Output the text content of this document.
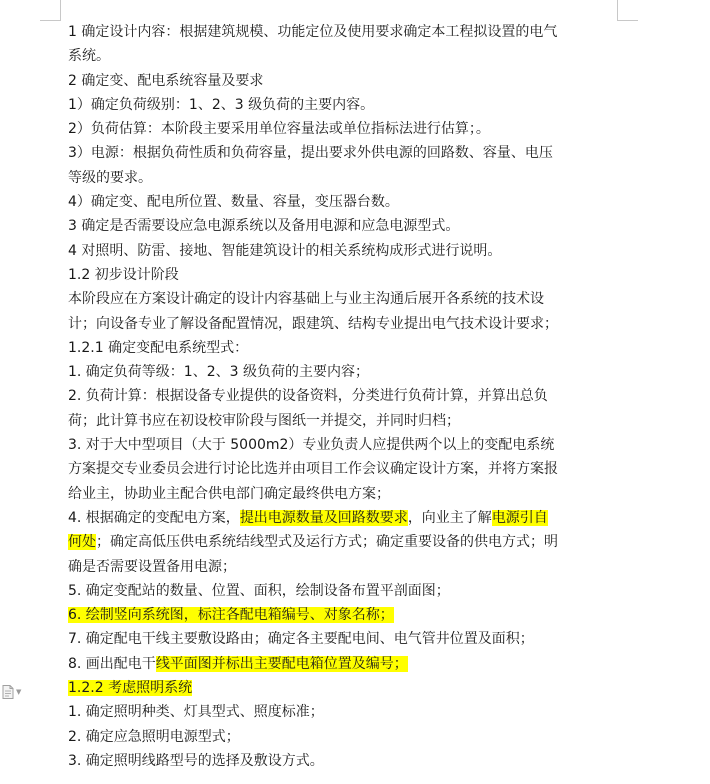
1 确定设计内容：根据建筑规模、功能定位及使用要求确定本工程拟设置的电气
系统。
2 确定变、配电系统容量及要求
1）确定负荷级别：1、2、3 级负荷的主要内容。
2）负荷估算：本阶段主要采用单位容量法或单位指标法进行估算；。
3）电源：根据负荷性质和负荷容量，提出要求外供电源的回路数、容量、电压
等级的要求。
4）确定变、配电所位置、数量、容量，变压器台数。
3 确定是否需要设应急电源系统以及备用电源和应急电源型式。
4 对照明、防雷、接地、智能建筑设计的相关系统构成形式进行说明。
1.2 初步设计阶段
本阶段应在方案设计确定的设计内容基础上与业主沟通后展开各系统的技术设
计；向设备专业了解设备配置情况，跟建筑、结构专业提出电气技术设计要求；
1.2.1 确定变配电系统型式：
1. 确定负荷等级：1、2、3 级负荷的主要内容；
2. 负荷计算：根据设备专业提供的设备资料，分类进行负荷计算，并算出总负
荷；此计算书应在初设校审阶段与图纸一并提交，并同时归档；
3. 对于大中型项目（大于 5000m2）专业负责人应提供两个以上的变配电系统
方案提交专业委员会进行讨论比选并由项目工作会议确定设计方案，并将方案报
给业主，协助业主配合供电部门确定最终供电方案；
4. 根据确定的变配电方案，提出电源数量及回路数要求，向业主了解电源引自
何处；确定高低压供电系统结线型式及运行方式；确定重要设备的供电方式；明
确是否需要设置备用电源；
5. 确定变配站的数量、位置、面积，绘制设备布置平剖面图；
6. 绘制竖向系统图，标注各配电箱编号、对象名称；
7. 确定配电干线主要敷设路由；确定各主要配电间、电气管井位置及面积；
8. 画出配电干线平面图并标出主要配电箱位置及编号；
1.2.2 考虑照明系统
1. 确定照明种类、灯具型式、照度标准；
2. 确定应急照明电源型式；
3. 确定照明线路型号的选择及敷设方式。
▼
